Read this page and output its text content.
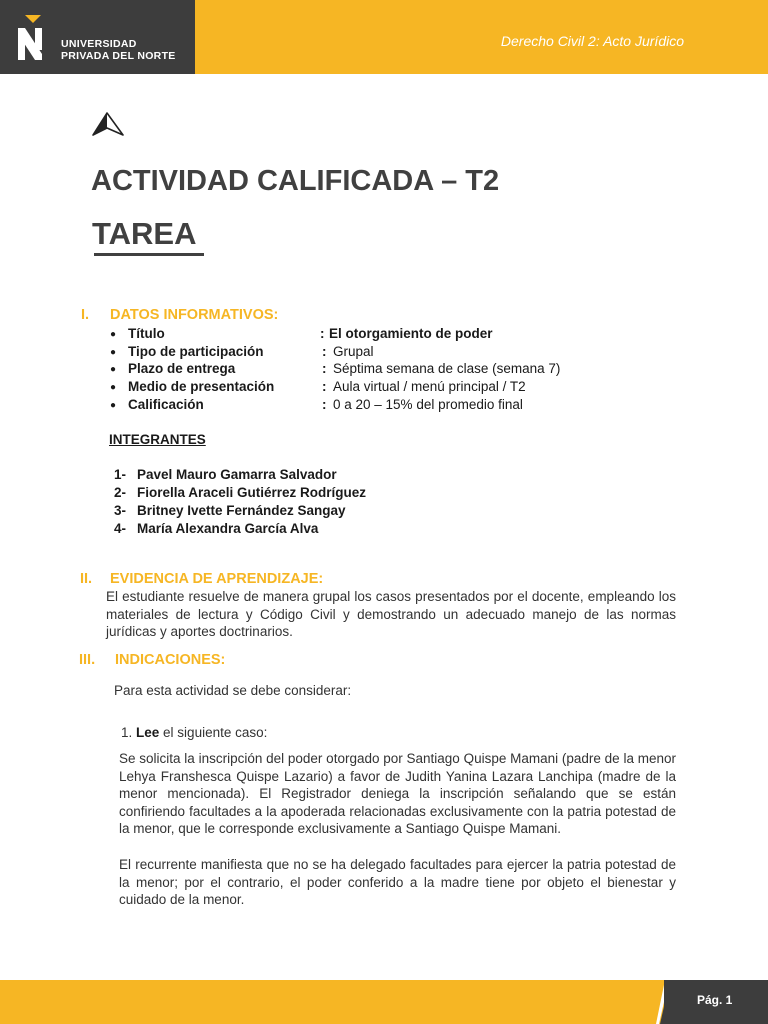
UNIVERSIDAD
PRIVADA DEL NORTE
Derecho Civil 2: Acto Jurídico
ACTIVIDAD CALIFICADA – T2
TAREA
I. DATOS INFORMATIVOS:
● Título	: El otorgamiento de poder
● Tipo de participación	: Grupal
● Plazo de entrega	: Séptima semana de clase (semana 7)
● Medio de presentación	: Aula virtual / menú principal / T2
● Calificación	: 0 a 20 – 15% del promedio final
INTEGRANTES
1- Pavel Mauro Gamarra Salvador
2- Fiorella Araceli Gutiérrez Rodríguez
3- Britney Ivette Fernández Sangay
4- María Alexandra García Alva
II. EVIDENCIA DE APRENDIZAJE:
El estudiante resuelve de manera grupal los casos presentados por el docente, empleando los materiales de lectura y Código Civil y demostrando un adecuado manejo de las normas jurídicas y aportes doctrinarios.
III. INDICACIONES:
Para esta actividad se debe considerar:
1. Lee el siguiente caso:
Se solicita la inscripción del poder otorgado por Santiago Quispe Mamani (padre de la menor Lehya Franshesca Quispe Lazario) a favor de Judith Yanina Lazara Lanchipa (madre de la menor mencionada). El Registrador deniega la inscripción señalando que se están confiriendo facultades a la apoderada relacionadas exclusivamente con la patria potestad de la menor, que le corresponde exclusivamente a Santiago Quispe Mamani.
El recurrente manifiesta que no se ha delegado facultades para ejercer la patria potestad de la menor; por el contrario, el poder conferido a la madre tiene por objeto el bienestar y cuidado de la menor.
Pág. 1
